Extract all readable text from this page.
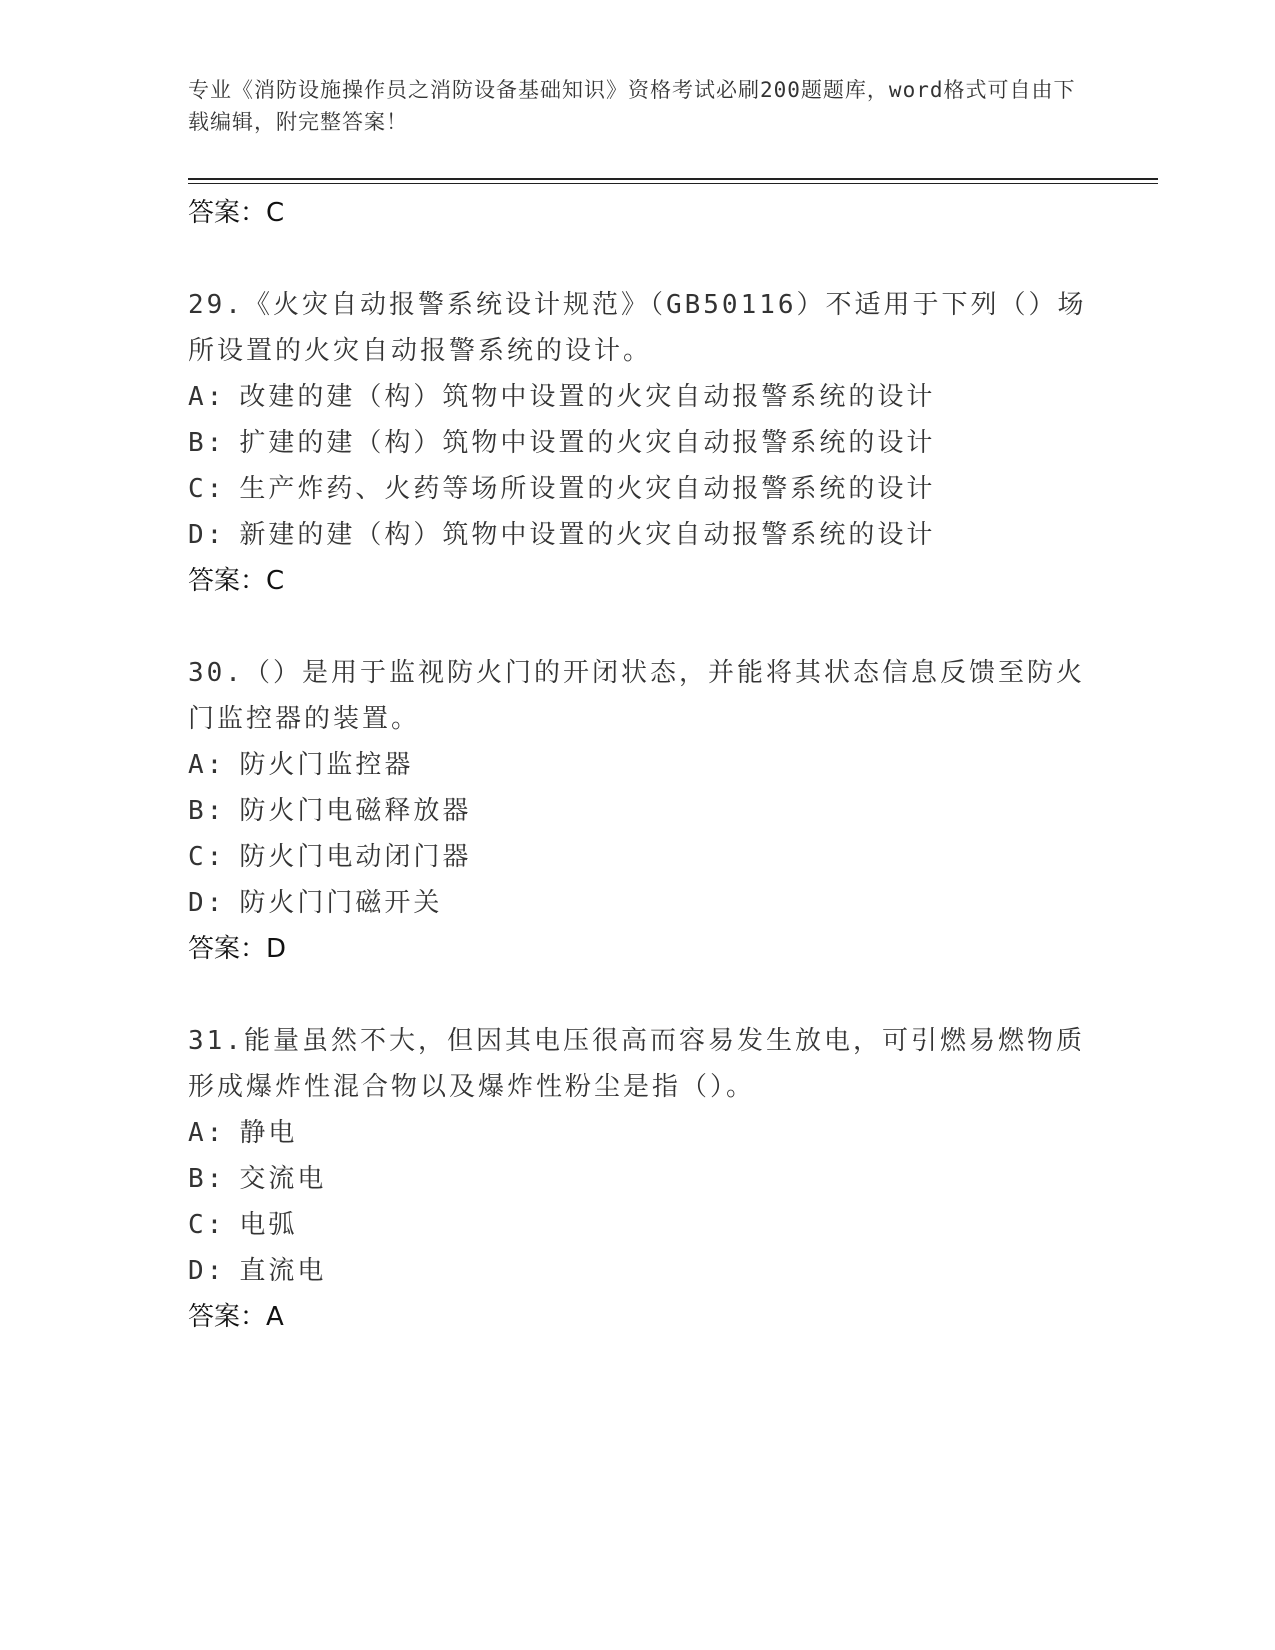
专业《消防设施操作员之消防设备基础知识》资格考试必刷200题题库，word格式可自由下载编辑，附完整答案！
答案：C
29.《火灾自动报警系统设计规范》（GB50116）不适用于下列（）场所设置的火灾自动报警系统的设计。
A: 改建的建（构）筑物中设置的火灾自动报警系统的设计
B: 扩建的建（构）筑物中设置的火灾自动报警系统的设计
C: 生产炸药、火药等场所设置的火灾自动报警系统的设计
D: 新建的建（构）筑物中设置的火灾自动报警系统的设计
答案：C
30.（）是用于监视防火门的开闭状态，并能将其状态信息反馈至防火门监控器的装置。
A: 防火门监控器
B: 防火门电磁释放器
C: 防火门电动闭门器
D: 防火门门磁开关
答案：D
31.能量虽然不大，但因其电压很高而容易发生放电，可引燃易燃物质形成爆炸性混合物以及爆炸性粉尘是指（）。
A: 静电
B: 交流电
C: 电弧
D: 直流电
答案：A
